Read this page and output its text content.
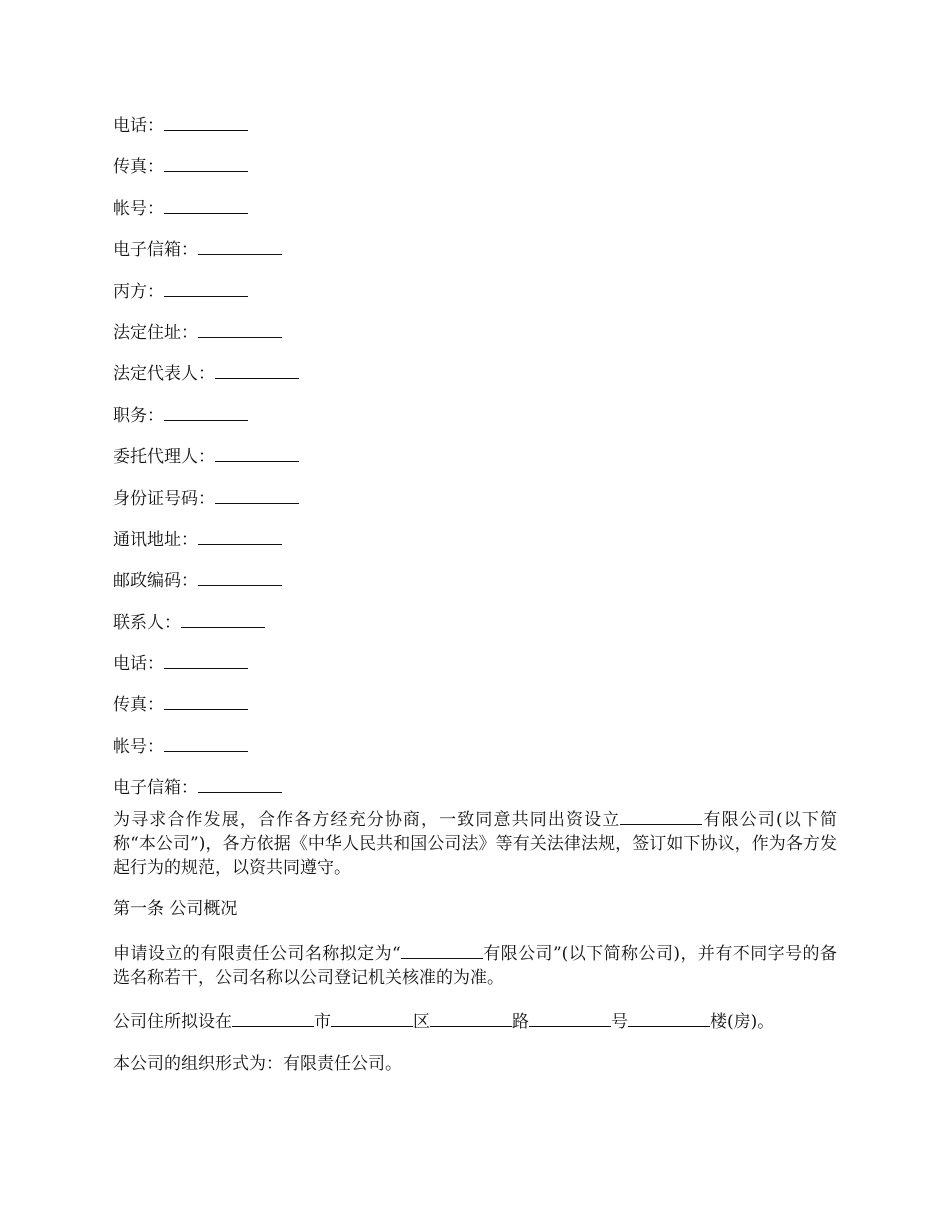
电话：
传真：
帐号：
电子信箱：
丙方：
法定住址：
法定代表人：
职务：
委托代理人：
身份证号码：
通讯地址：
邮政编码：
联系人：
电话：
传真：
帐号：
电子信箱：

为寻求合作发展，合作各方经充分协商，一致同意共同出资设立	有限公司(以下简称“本公司”)，各方依据《中华人民共和国公司法》等有关法律法规，签订如下协议，作为各方发起行为的规范，以资共同遵守。

第一条 公司概况

申请设立的有限责任公司名称拟定为“	有限公司”(以下简称公司)，并有不同字号的备选名称若干，公司名称以公司登记机关核准的为准。

公司住所拟设在	市	区	路	号	楼(房)。

本公司的组织形式为：有限责任公司。
